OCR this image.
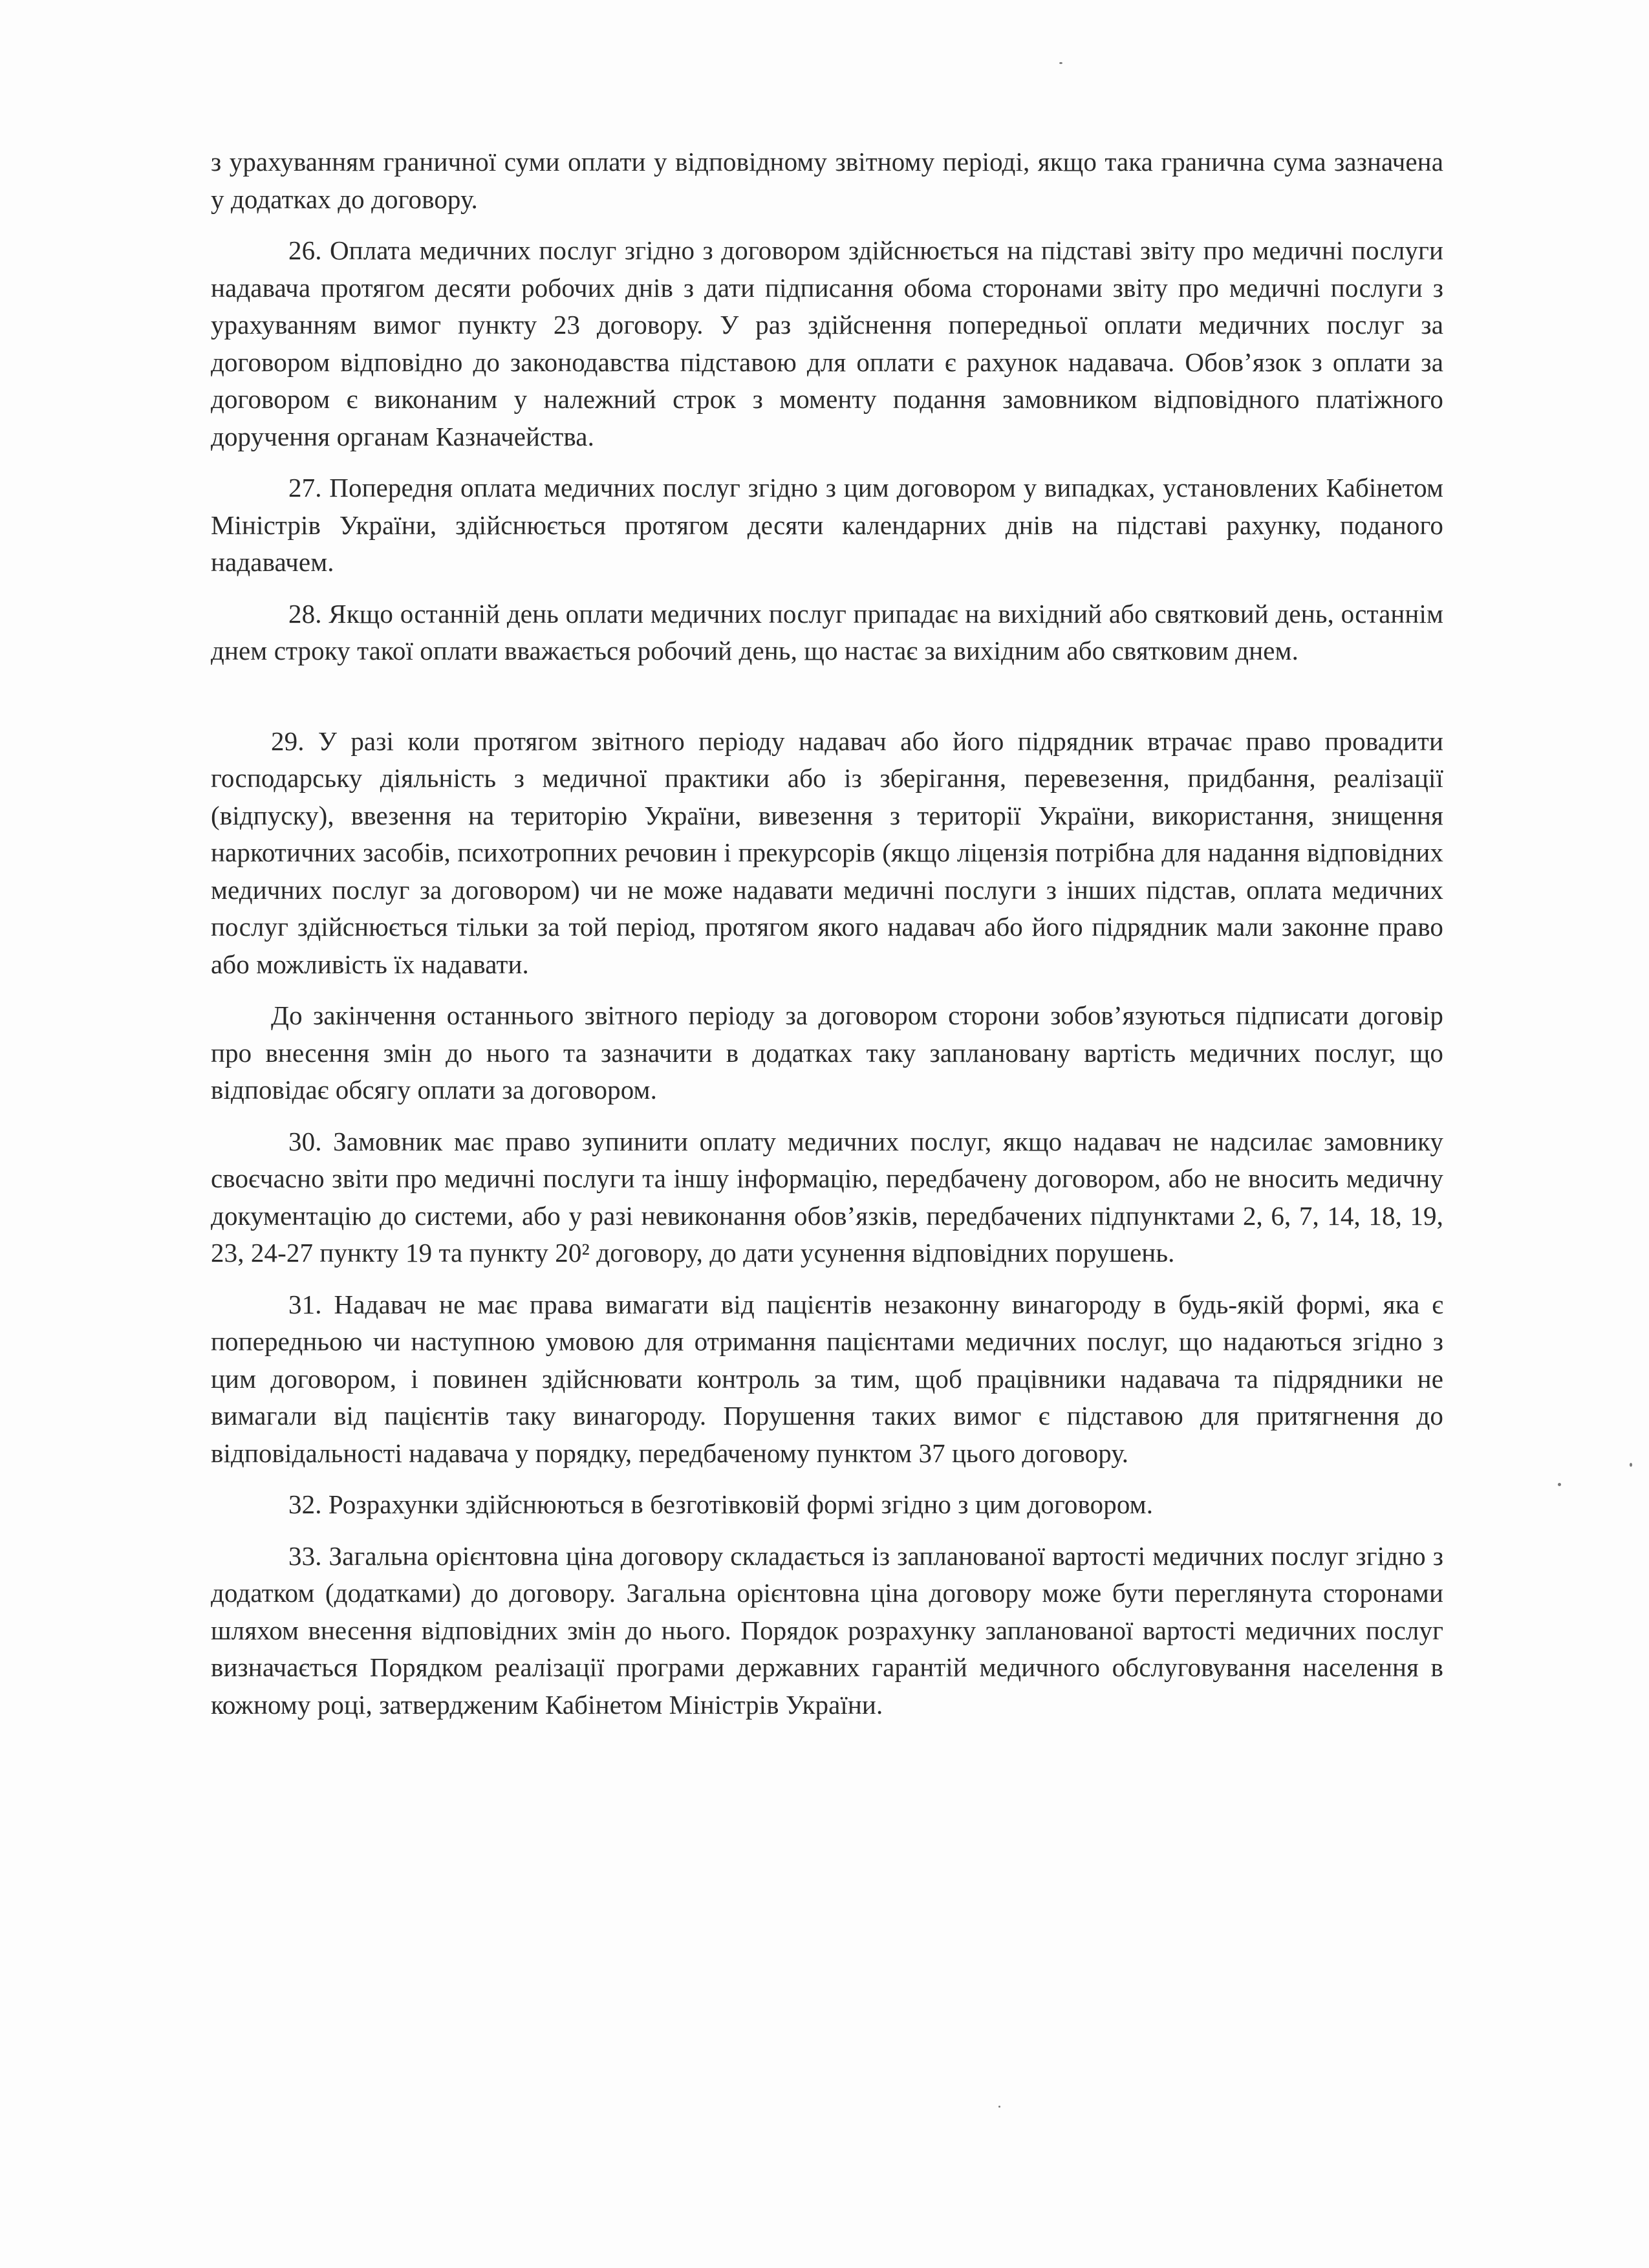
з урахуванням граничної суми оплати у відповідному звітному періоді, якщо така гранична сума зазначена у додатках до договору.

26. Оплата медичних послуг згідно з договором здійснюється на підставі звіту про медичні послуги надавача протягом десяти робочих днів з дати підписання обома сторонами звіту про медичні послуги з урахуванням вимог пункту 23 договору. У раз здійснення попередньої оплати медичних послуг за договором відповідно до законодавства підставою для оплати є рахунок надавача. Обов’язок з оплати за договором є виконаним у належний строк з моменту подання замовником відповідного платіжного доручення органам Казначейства.

27. Попередня оплата медичних послуг згідно з цим договором у випадках, установлених Кабінетом Міністрів України, здійснюється протягом десяти календарних днів на підставі рахунку, поданого надавачем.

28. Якщо останній день оплати медичних послуг припадає на вихідний або святковий день, останнім днем строку такої оплати вважається робочий день, що настає за вихідним або святковим днем.

29. У разі коли протягом звітного періоду надавач або його підрядник втрачає право провадити господарську діяльність з медичної практики або із зберігання, перевезення, придбання, реалізації (відпуску), ввезення на територію України, вивезення з території України, використання, знищення наркотичних засобів, психотропних речовин і прекурсорів (якщо ліцензія потрібна для надання відповідних медичних послуг за договором) чи не може надавати медичні послуги з інших підстав, оплата медичних послуг здійснюється тільки за той період, протягом якого надавач або його підрядник мали законне право або можливість їх надавати.

До закінчення останнього звітного періоду за договором сторони зобов’язуються підписати договір про внесення змін до нього та зазначити в додатках таку заплановану вартість медичних послуг, що відповідає обсягу оплати за договором.

30. Замовник має право зупинити оплату медичних послуг, якщо надавач не надсилає замовнику своєчасно звіти про медичні послуги та іншу інформацію, передбачену договором, або не вносить медичну документацію до системи, або у разі невиконання обов’язків, передбачених підпунктами 2, 6, 7, 14, 18, 19, 23, 24-27 пункту 19 та пункту 20² договору, до дати усунення відповідних порушень.

31. Надавач не має права вимагати від пацієнтів незаконну винагороду в будь-якій формі, яка є попередньою чи наступною умовою для отримання пацієнтами медичних послуг, що надаються згідно з цим договором, і повинен здійснювати контроль за тим, щоб працівники надавача та підрядники не вимагали від пацієнтів таку винагороду. Порушення таких вимог є підставою для притягнення до відповідальності надавача у порядку, передбаченому пунктом 37 цього договору.

32. Розрахунки здійснюються в безготівковій формі згідно з цим договором.

33. Загальна орієнтовна ціна договору складається із запланованої вартості медичних послуг згідно з додатком (додатками) до договору. Загальна орієнтовна ціна договору може бути переглянута сторонами шляхом внесення відповідних змін до нього. Порядок розрахунку запланованої вартості медичних послуг визначається Порядком реалізації програми державних гарантій медичного обслуговування населення в кожному році, затвердженим Кабінетом Міністрів України.
